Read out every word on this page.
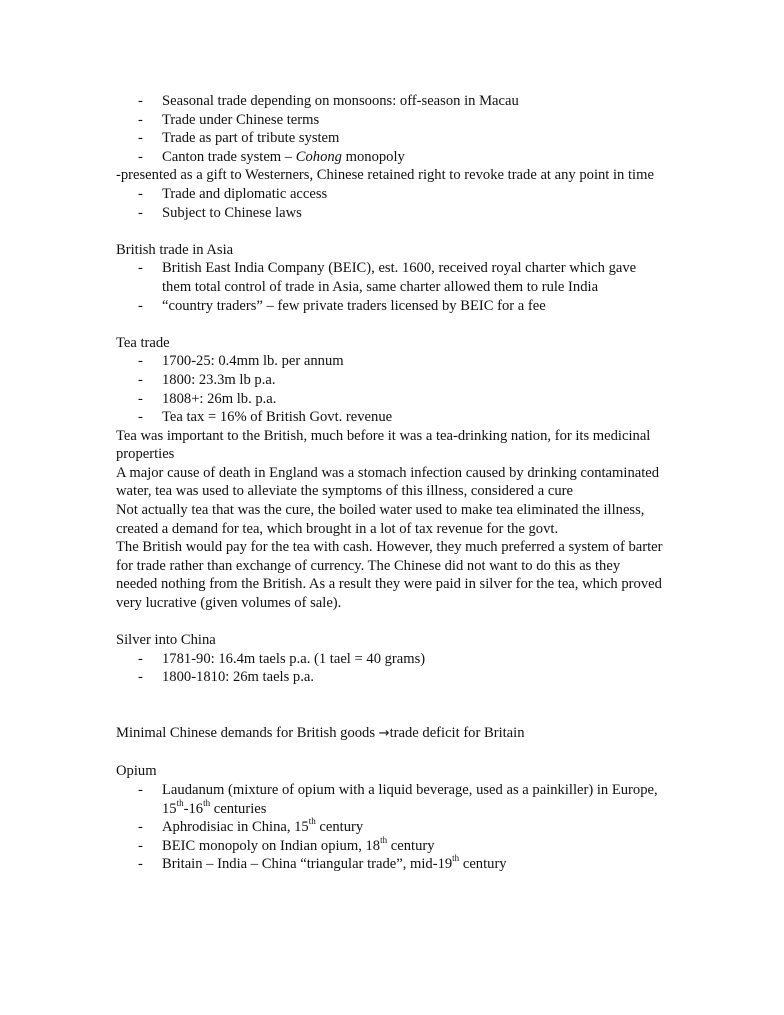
- Seasonal trade depending on monsoons: off-season in Macau
- Trade under Chinese terms
- Trade as part of tribute system
- Canton trade system – Cohong monopoly

-presented as a gift to Westerners, Chinese retained right to revoke trade at any point in time

- Trade and diplomatic access
- Subject to Chinese laws

British trade in Asia

- British East India Company (BEIC), est. 1600, received royal charter which gave them total control of trade in Asia, same charter allowed them to rule India
- “country traders” – few private traders licensed by BEIC for a fee

Tea trade

- 1700-25: 0.4mm lb. per annum
- 1800: 23.3m lb p.a.
- 1808+: 26m lb. p.a.
- Tea tax = 16% of British Govt. revenue

Tea was important to the British, much before it was a tea-drinking nation, for its medicinal properties

A major cause of death in England was a stomach infection caused by drinking contaminated water, tea was used to alleviate the symptoms of this illness, considered a cure

Not actually tea that was the cure, the boiled water used to make tea eliminated the illness, created a demand for tea, which brought in a lot of tax revenue for the govt.

The British would pay for the tea with cash. However, they much preferred a system of barter for trade rather than exchange of currency. The Chinese did not want to do this as they needed nothing from the British. As a result they were paid in silver for the tea, which proved very lucrative (given volumes of sale).

Silver into China

- 1781-90: 16.4m taels p.a. (1 tael = 40 grams)
- 1800-1810: 26m taels p.a.

Minimal Chinese demands for British goods →trade deficit for Britain

Opium

- Laudanum (mixture of opium with a liquid beverage, used as a painkiller) in Europe, 15th-16th centuries
- Aphrodisiac in China, 15th century
- BEIC monopoly on Indian opium, 18th century
- Britain – India – China “triangular trade”, mid-19th century
